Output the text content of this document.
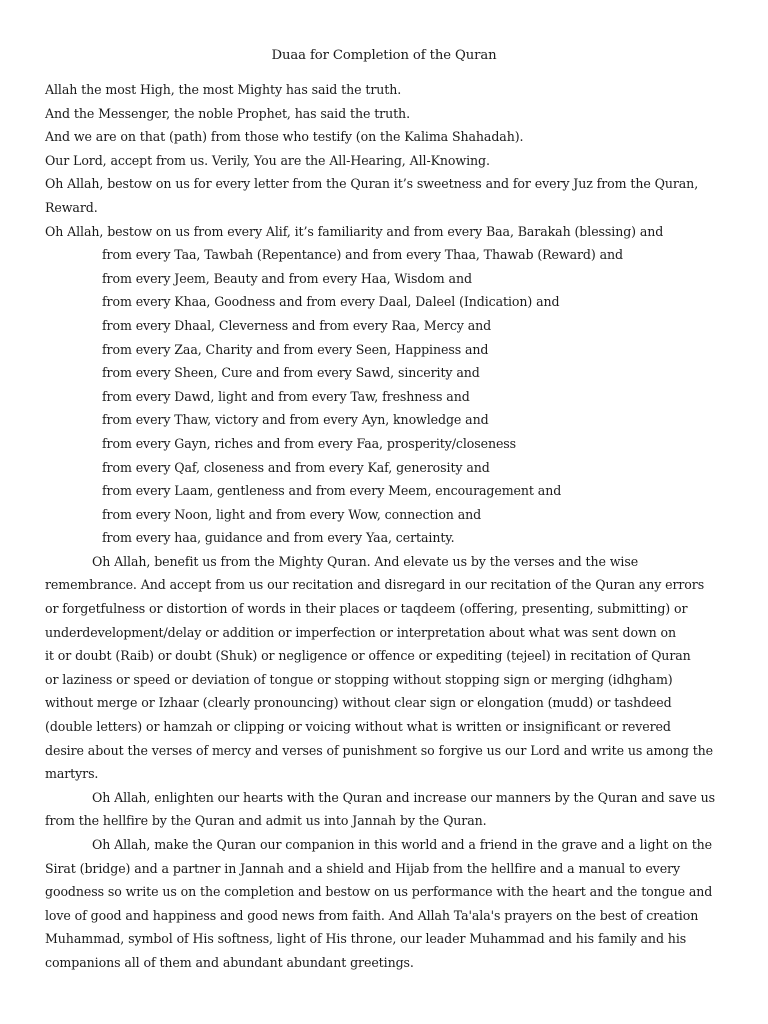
Duaa for Completion of the Quran
Allah the most High, the most Mighty has said the truth.
And the Messenger, the noble Prophet, has said the truth.
And we are on that (path) from those who testify (on the Kalima Shahadah).
Our Lord, accept from us. Verily, You are the All-Hearing, All-Knowing.
Oh Allah, bestow on us for every letter from the Quran it’s sweetness and for every Juz from the Quran,
Reward.
Oh Allah, bestow on us from every Alif, it’s familiarity and from every Baa, Barakah (blessing) and
from every Taa, Tawbah (Repentance) and from every Thaa, Thawab (Reward) and
from every Jeem, Beauty and from every Haa, Wisdom and
from every Khaa, Goodness and from every Daal, Daleel (Indication) and
from every Dhaal, Cleverness and from every Raa, Mercy and
from every Zaa, Charity and from every Seen, Happiness and
from every Sheen, Cure and from every Sawd, sincerity and
from every Dawd, light and from every Taw, freshness and
from every Thaw, victory and from every Ayn, knowledge and
from every Gayn, riches and from every Faa, prosperity/closeness
from every Qaf, closeness and from every Kaf, generosity and
from every Laam, gentleness and from every Meem, encouragement and
from every Noon, light and from every Wow, connection and
from every haa, guidance and from every Yaa, certainty.
Oh Allah, benefit us from the Mighty Quran. And elevate us by the verses and the wise
remembrance. And accept from us our recitation and disregard in our recitation of the Quran any errors
or forgetfulness or distortion of words in their places or taqdeem (offering, presenting, submitting) or
underdevelopment/delay or addition or imperfection or interpretation about what was sent down on
it or doubt (Raib) or doubt (Shuk) or negligence or offence or expediting (tejeel) in recitation of Quran
or laziness or speed or deviation of tongue or stopping without stopping sign or merging (idhgham)
without merge or Izhaar (clearly pronouncing) without clear sign or elongation (mudd) or tashdeed
(double letters) or hamzah or clipping or voicing without what is written or insignificant or revered
desire about the verses of mercy and verses of punishment so forgive us our Lord and write us among the
martyrs.
Oh Allah, enlighten our hearts with the Quran and increase our manners by the Quran and save us
from the hellfire by the Quran and admit us into Jannah by the Quran.
Oh Allah, make the Quran our companion in this world and a friend in the grave and a light on the
Sirat (bridge) and a partner in Jannah and a shield and Hijab from the hellfire and a manual to every
goodness so write us on the completion and bestow on us performance with the heart and the tongue and
love of good and happiness and good news from faith. And Allah Ta'ala's prayers on the best of creation
Muhammad, symbol of His softness, light of His throne, our leader Muhammad and his family and his
companions all of them and abundant abundant greetings.
